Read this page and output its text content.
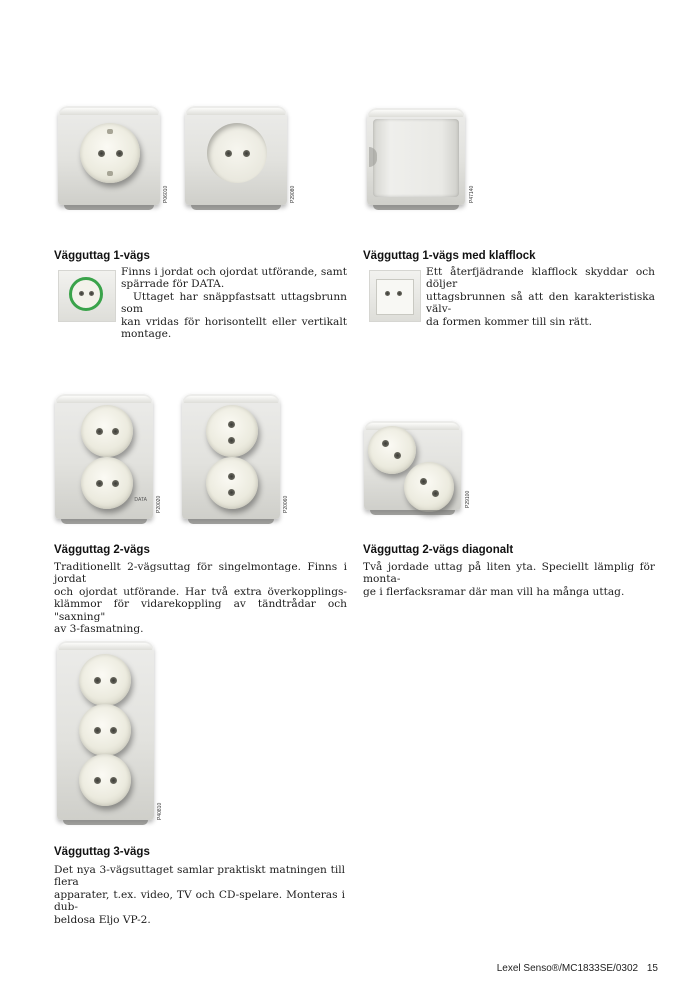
P06010	P29080	P47140
Vägguttag 1-vägs
Finns i jordat och ojordat utförande, samt
spärrade för DATA.
Uttaget har snäppfastsatt uttagsbrunn som
kan vridas för horisontellt eller vertikalt
montage.
Vägguttag 1-vägs med klafflock
Ett återfjädrande klafflock skyddar och döljer
uttagsbrunnen så att den karakteristiska välv-
da formen kommer till sin rätt.
DATA P20020	P20060	P29100
Vägguttag 2-vägs
Traditionellt 2-vägsuttag för singelmontage. Finns i jordat
och ojordat utförande. Har två extra överkopplings-
klämmor för vidarekoppling av tändtrådar och "saxning"
av 3-fasmatning.
Vägguttag 2-vägs diagonalt
Två jordade uttag på liten yta. Speciellt lämplig för monta-
ge i flerfacksramar där man vill ha många uttag.
P40810
Vägguttag 3-vägs
Det nya 3-vägsuttaget samlar praktiskt matningen till flera
apparater, t.ex. video, TV och CD-spelare. Monteras i dub-
beldosa Eljo VP-2.
Lexel Senso®/MC1833SE/0302 15
